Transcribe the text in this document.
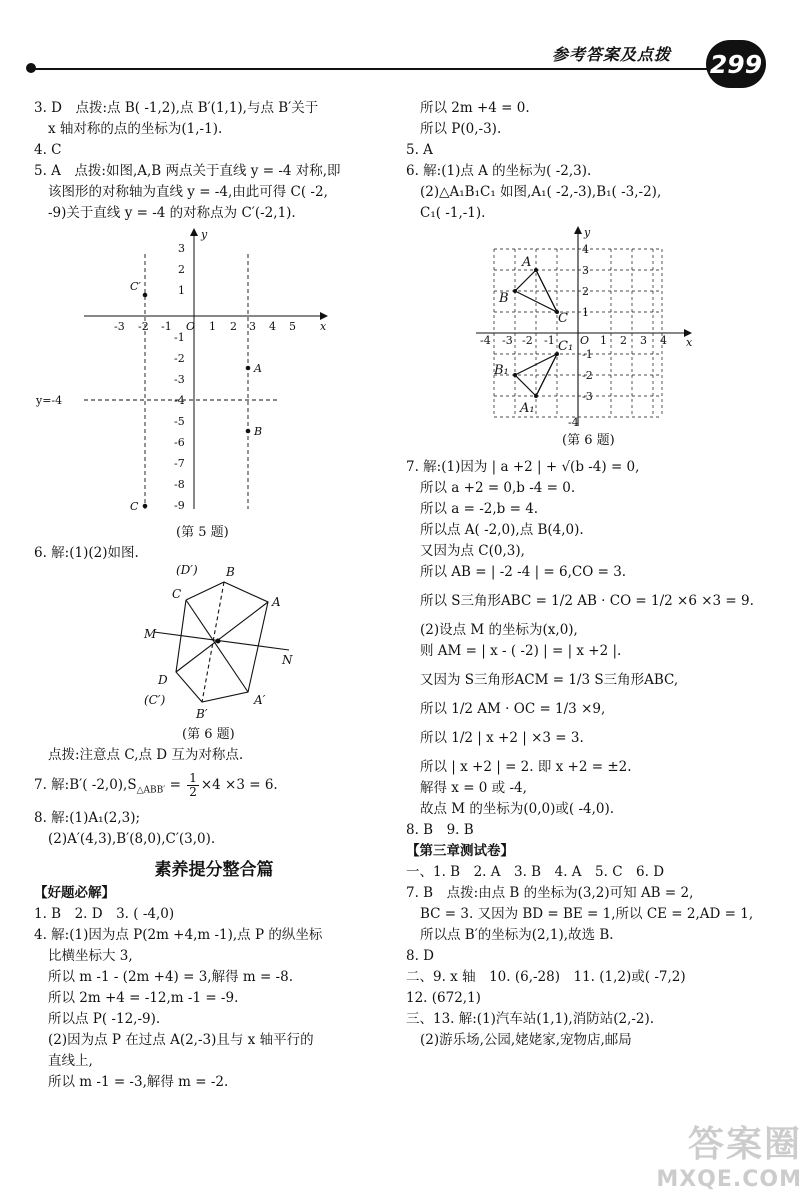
参考答案及点拨 299
3. D　点拨:点 B( -1,2),点 B′(1,1),与点 B′关于
x 轴对称的点的坐标为(1,-1).
4. C
5. A　点拨:如图,A,B 两点关于直线 y = -4 对称,即
该图形的对称轴为直线 y = -4,由此可得 C( -2,
-9)关于直线 y = -4 的对称点为 C′(-2,1).
y
x
O
-3 -2 -1	1 2 3 4 5
3
2
1
-1
-2
-3
-4
-5
-6
-7
-8
-9
y=-4
C′
A
B
C
(第 5 题)
6. 解:(1)(2)如图.
(D′) B
C
A
M
N
D
(C′)
B′
A′
(第 6 题)
点拨:注意点 C,点 D 互为对称点.
7. 解:B′( $-2,0),S_{\triangle ABB'} = \frac{1}{2} \times 4 \times 3 = 6$.
8. 解:(1)A₁(2,3);
(2)A′(4,3),B′(8,0),C′(3,0).
素养提分整合篇
【好题必解】
1. B　2. D　3. ( -4,0)
4. 解:(1)因为点 P(2m +4,m -1),点 P 的纵坐标
比横坐标大 3,
所以 m -1 - (2m +4) = 3,解得 m = -8.
所以 2m +4 = -12,m -1 = -9.
所以点 P( -12,-9).
(2)因为点 P 在过点 A(2,-3)且与 x 轴平行的
直线上,
所以 m -1 = -3,解得 m = -2.
所以 2m +4 = 0.
所以 P(0,-3).
5. A
6. 解:(1)点 A 的坐标为( -2,3).
(2)△A₁B₁C₁ 如图,A₁( -2,-3),B₁( -3,-2),
C₁( -1,-1).
y
x
O
-4 -3 -2 -1	1 2 3 4
4
3
2
1
-1
-2
-3
-4
A
B
C
A₁
B₁
C₁
(第 6 题)
7. 解:(1)因为 | a +2 | + √(b -4) = 0,
所以 a +2 = 0,b -4 = 0.
所以 a = -2,b = 4.
所以点 A( -2,0),点 B(4,0).
又因为点 C(0,3),
所以 AB = | -2 -4 | = 6,CO = 3.
所以 S三角形ABC = 1/2 AB · CO = 1/2 ×6 ×3 = 9.
(2)设点 M 的坐标为(x,0),
则 AM = | x - ( -2) | = | x +2 |.
又因为 S三角形ACM = 1/3 S三角形ABC,
所以 1/2 AM · OC = 1/3 ×9,
所以 1/2 | x +2 | ×3 = 3.
所以 | x +2 | = 2. 即 x +2 = ±2.
解得 x = 0 或 -4,
故点 M 的坐标为(0,0)或( -4,0).
8. B　9. B
【第三章测试卷】
一、1. B　2. A　3. B　4. A　5. C　6. D
7. B　点拨:由点 B 的坐标为(3,2)可知 AB = 2,
BC = 3. 又因为 BD = BE = 1,所以 CE = 2,AD = 1,
所以点 B′的坐标为(2,1),故选 B.
8. D
二、9. x 轴　10. (6,-28)　11. (1,2)或( -7,2)
12. (672,1)
三、13. 解:(1)汽车站(1,1),消防站(2,-2).
(2)游乐场,公园,姥姥家,宠物店,邮局
答案圈
MXQE.COM
